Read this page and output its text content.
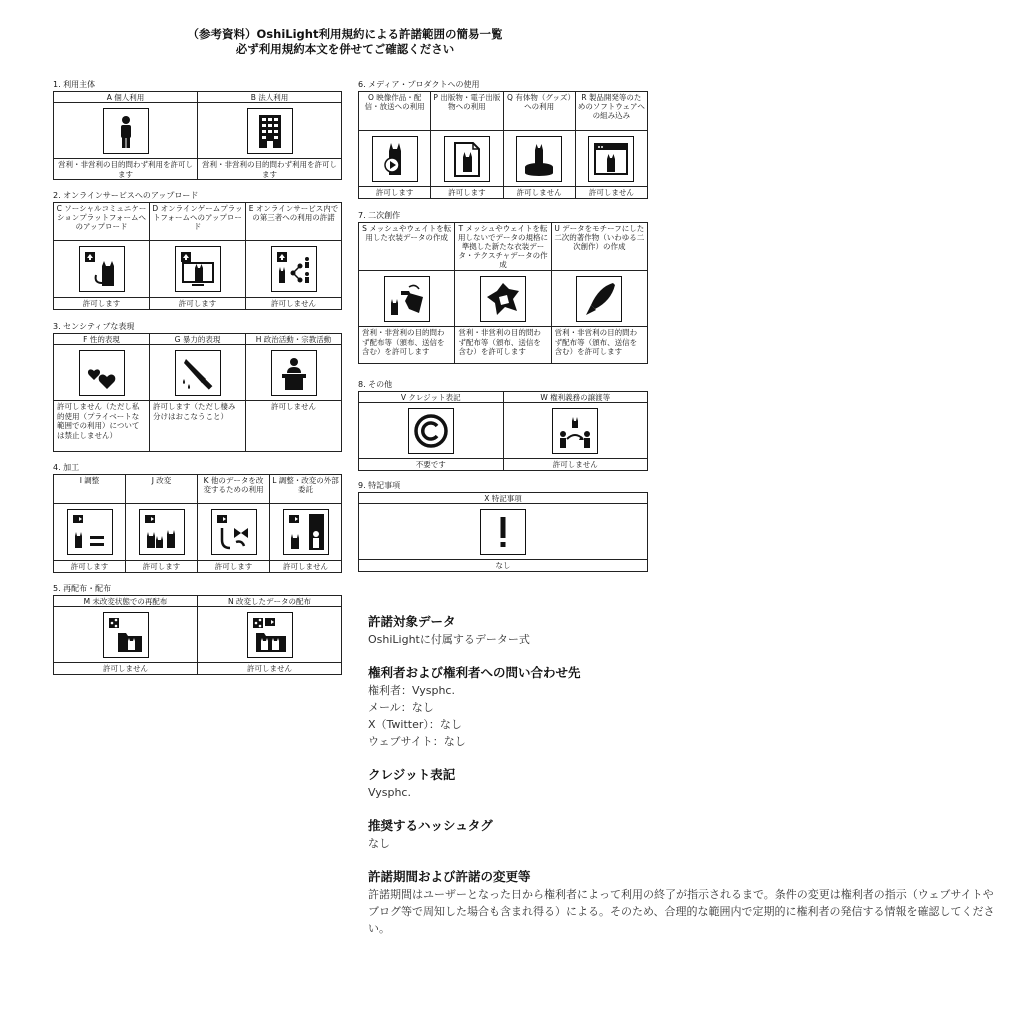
（参考資料）OshiLight利用規約による許諾範囲の簡易一覧
必ず利用規約本文を併せてご確認ください
1. 利用主体
A 個人利用
営利・非営利の目的問わず利用を許可します
B 法人利用
営利・非営利の目的問わず利用を許可します
2. オンラインサービスへのアップロード
C ソーシャルコミュニケーションプラットフォームへのアップロード
許可します
D オンラインゲームプラットフォームへのアップロード
許可します
E オンラインサービス内での第三者への利用の許諾
許可しません
3. センシティブな表現
F 性的表現
許可しません（ただし私的使用（プライベートな範囲での利用）については禁止しません）
G 暴力的表現
許可します（ただし棲み分けはおこなうこと）
H 政治活動・宗教活動
許可しません
4. 加工
I 調整
許可します
J 改変
許可します
K 他のデータを改変するための利用
許可します
L 調整・改変の外部委託
許可しません
5. 再配布・配布
M 未改変状態での再配布
許可しません
N 改変したデータの配布
許可しません
6. メディア・プロダクトへの使用
O 映像作品・配信・放送への利用
許可します
P 出版物・電子出版物への利用
許可します
Q 有体物（グッズ）への利用
許可しません
R 製品開発等のためのソフトウェアへの組み込み
許可しません
7. 二次創作
S メッシュやウェイトを転用した衣装データの作成
営利・非営利の目的問わず配布等（頒布、送信を含む）を許可します
T メッシュやウェイトを転用しないでデータの規格に準拠した新たな衣装データ・テクスチャデータの作成
営利・非営利の目的問わず配布等（頒布、送信を含む）を許可します
U データをモチーフにした二次的著作物（いわゆる二次創作）の作成
営利・非営利の目的問わず配布等（頒布、送信を含む）を許可します
8. その他
V クレジット表記
不要です
W 権利義務の譲渡等
許可しません
9. 特記事項
X 特記事項
なし
許諾対象データ
OshiLightに付属するデーター式
権利者および権利者への問い合わせ先
権利者：Vysphc.
メール：なし
X（Twitter）：なし
ウェブサイト：なし
クレジット表記
Vysphc.
推奨するハッシュタグ
なし
許諾期間および許諾の変更等
許諾期間はユーザーとなった日から権利者によって利用の終了が指示されるまで。条件の変更は権利者の指示（ウェブサイトやブログ等で周知した場合も含まれ得る）による。そのため、合理的な範囲内で定期的に権利者の発信する情報を確認してください。
